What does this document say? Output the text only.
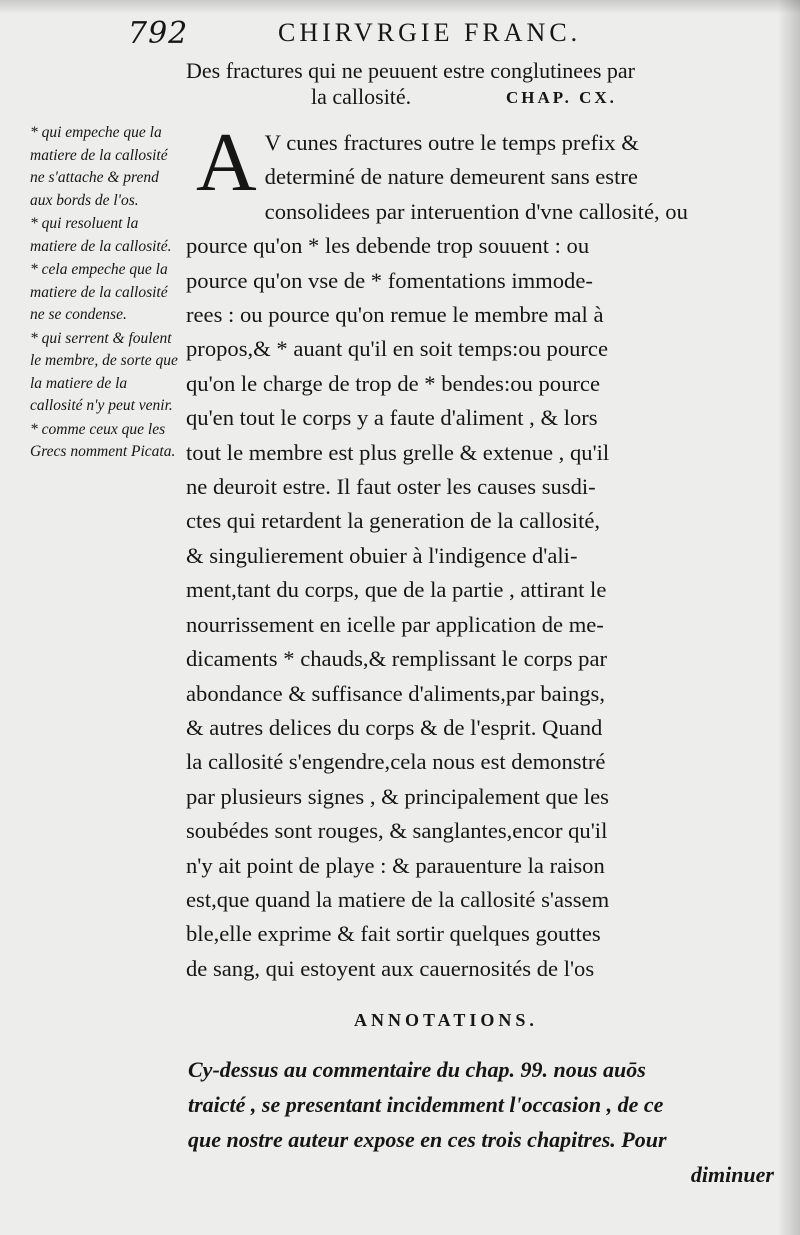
792	CHIRVRGIE FRANC.
Des fractures qui ne peuuent estre conglutinees par
la callosité.	CHAP. CX.

* qui empeche que la matiere de la callosité ne s'attache & prend aux bords de l'os.

* qui resoluent la matiere de la callosité.

* cela empeche que la matiere de la callosité ne se condense.

* qui serrent & foulent le membre, de sorte que la matiere de la callosité n'y peut venir.

* comme ceux que les Grecs nomment Picata.

A V cunes fractures outre le temps prefix &
determiné de nature demeurent sans estre
consolidees par interuention d'vne callosité, ou
pource qu'on * les debende trop souuent : ou
pource qu'on vse de * fomentations immode-
rees : ou pource qu'on remue le membre mal à
propos,& * auant qu'il en soit temps:ou pource
qu'on le charge de trop de * bendes:ou pource
qu'en tout le corps y a faute d'aliment , & lors
tout le membre est plus grelle & extenue , qu'il
ne deuroit estre. Il faut oster les causes susdi-
ctes qui retardent la generation de la callosité,
& singulierement obuier à l'indigence d'ali-
ment,tant du corps, que de la partie , attirant le
nourrissement en icelle par application de me-
dicaments * chauds,& remplissant le corps par
abondance & suffisance d'aliments,par baings,
& autres delices du corps & de l'esprit. Quand
la callosité s'engendre,cela nous est demonstré
par plusieurs signes , & principalement que les
soubédes sont rouges, & sanglantes,encor qu'il
n'y ait point de playe : & parauenture la raison
est,que quand la matiere de la callosité s'assem
ble,elle exprime & fait sortir quelques gouttes
de sang, qui estoyent aux cauernosités de l'os
ANNOTATIONS.
Cy-dessus au commentaire du chap. 99. nous auōs
traicté , se presentant incidemment l'occasion , de ce
que nostre auteur expose en ces trois chapitres. Pour
diminuer
